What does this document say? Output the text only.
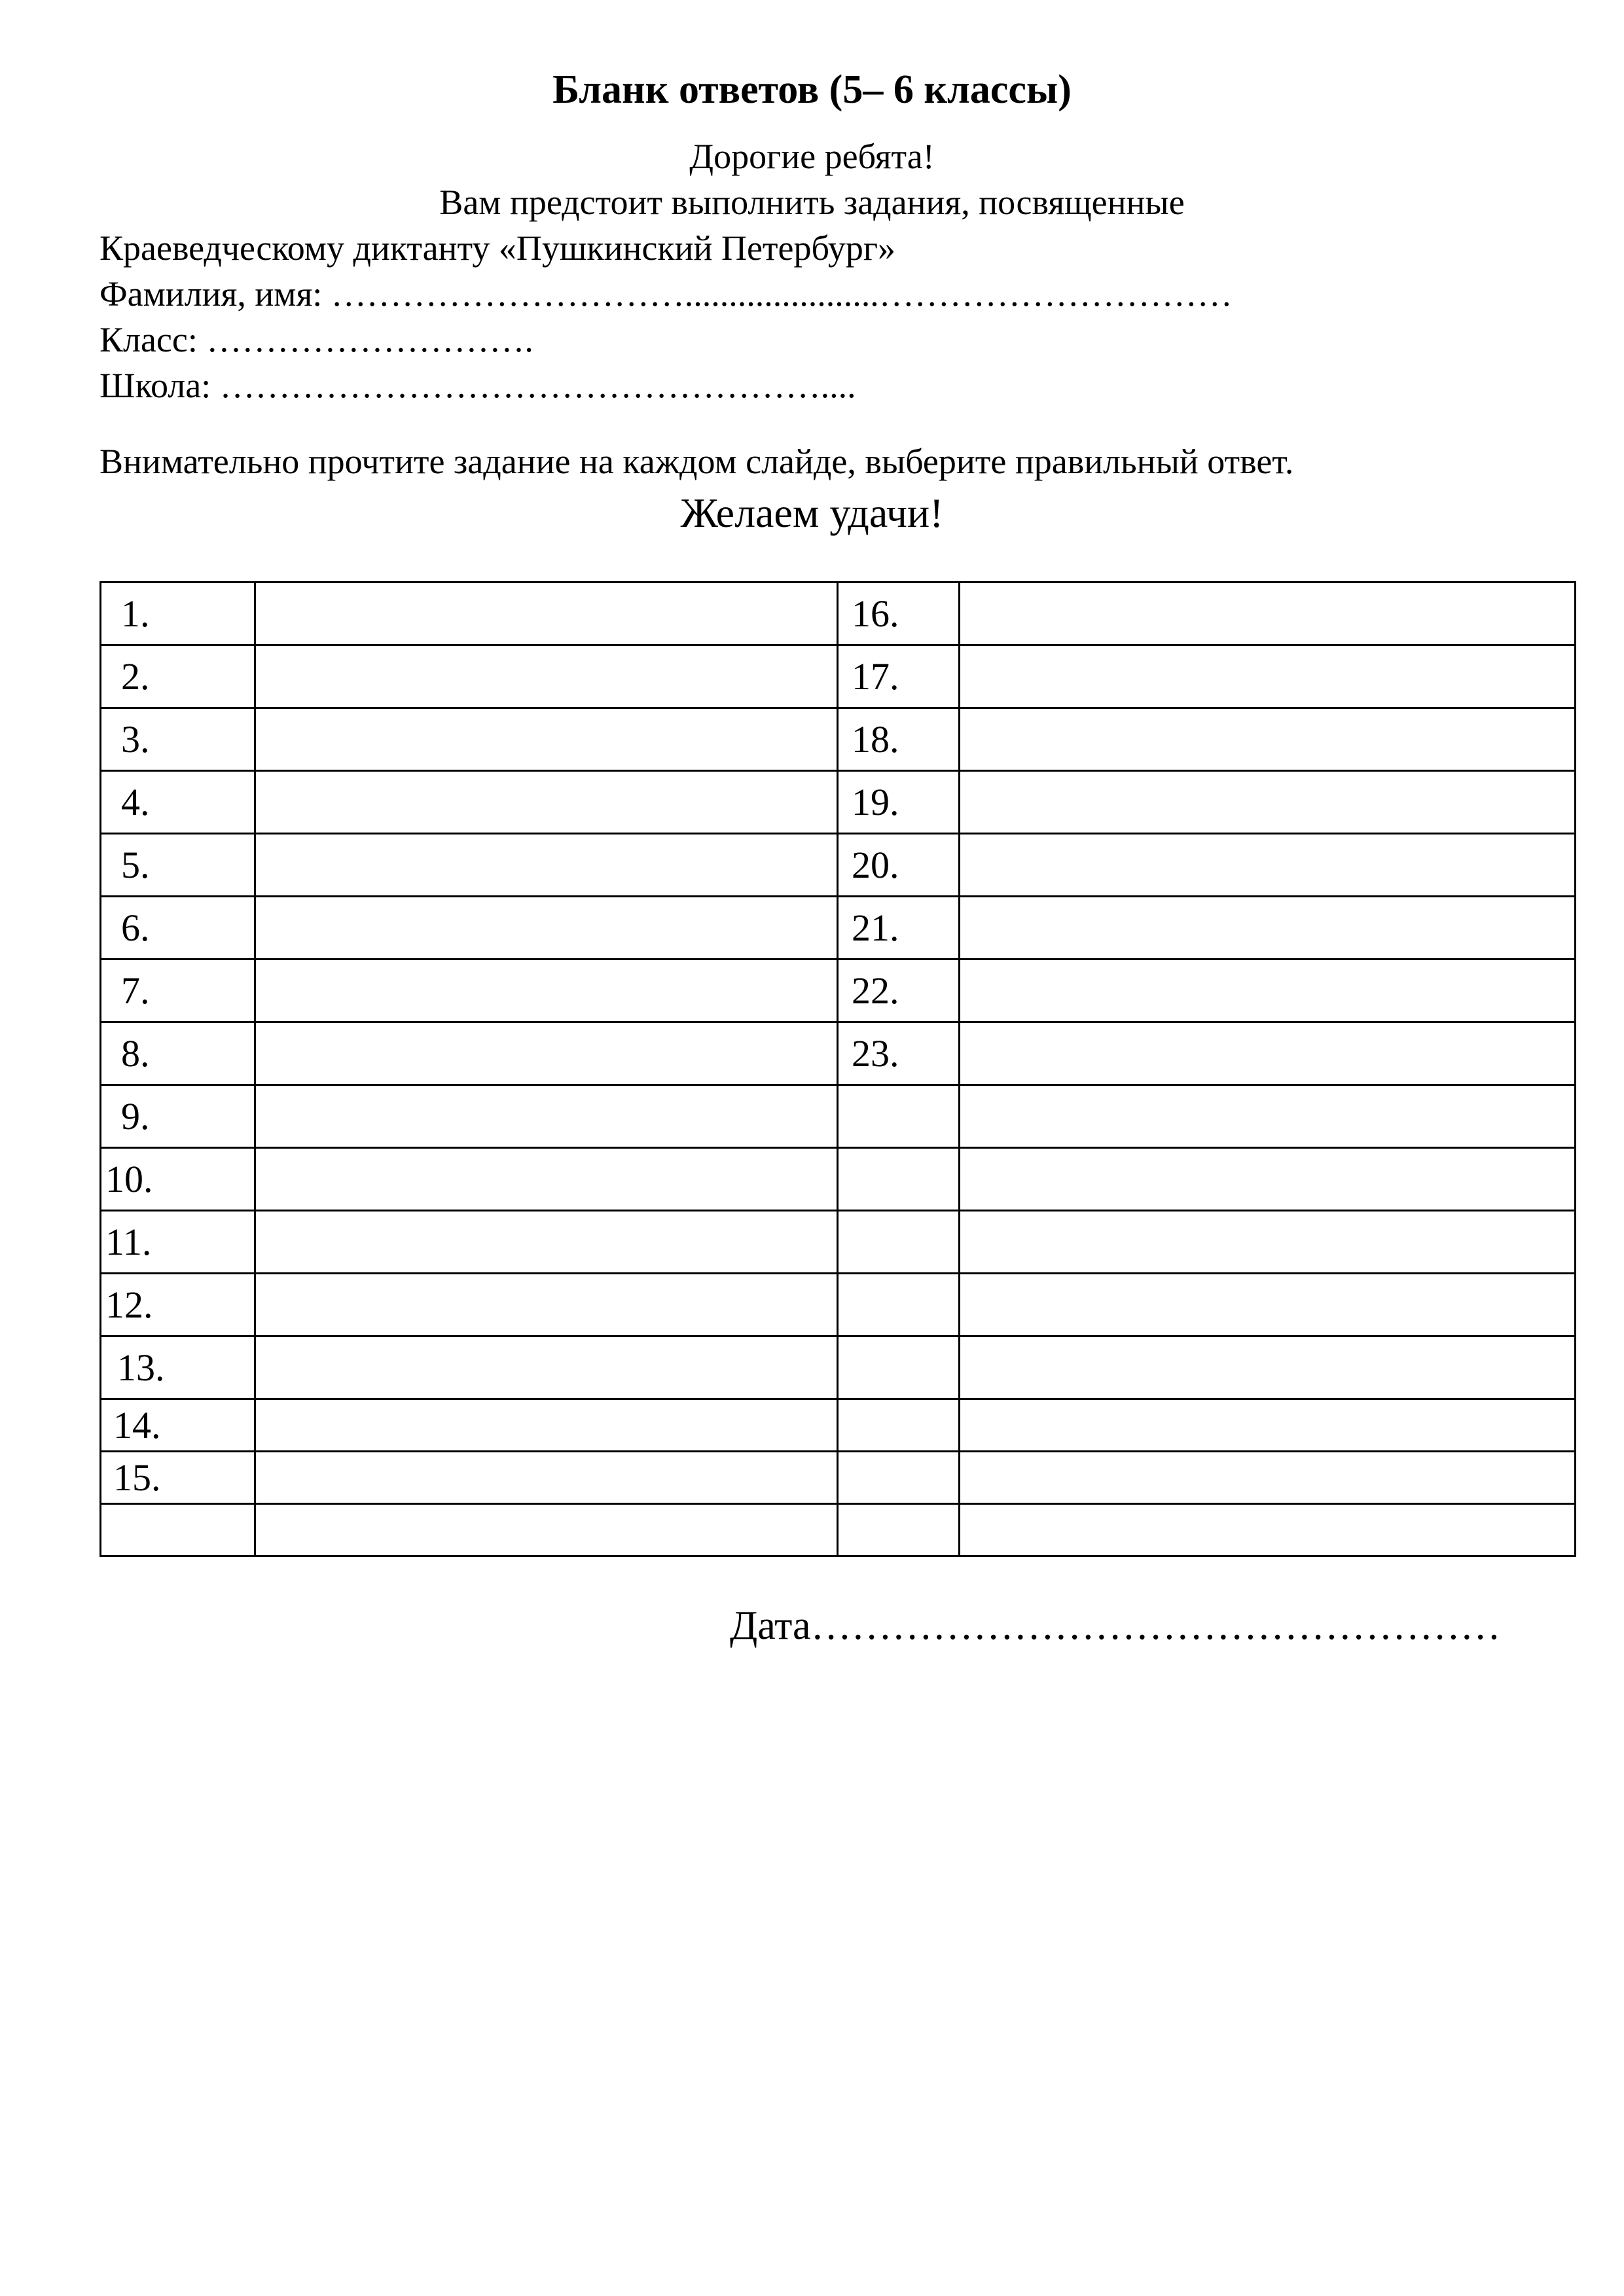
Бланк ответов (5– 6 классы)
Дорогие ребята!
Вам предстоит выполнить задания, посвященные
Краеведческому диктанту «Пушкинский Петербург»
Фамилия, имя: …………………………......................…………………………
Класс: ……………………….
Школа: ……………………………………………....
Внимательно прочтите задание на каждом слайде, выберите правильный ответ.
Желаем удачи!
1.		16.	
2.		17.	
3.		18.	
4.		19.	
5.		20.	
6.		21.	
7.		22.	
8.		23.	
9.			
10.			
11.			
12.			
13.			
14.			
15.			

Дата……………………………………………
